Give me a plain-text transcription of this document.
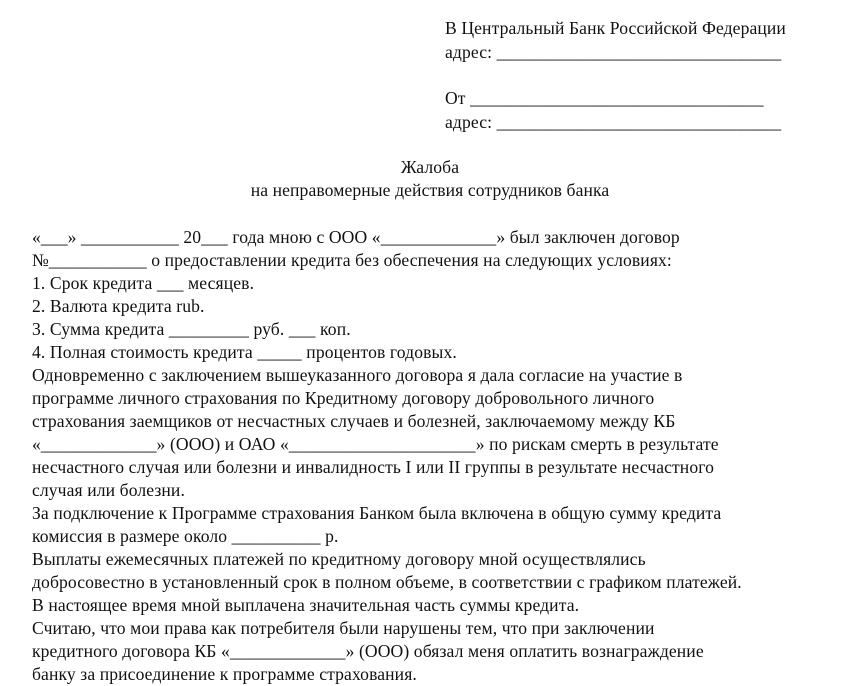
В Центральный Банк Российской Федерации
адрес: ________________________________
От _________________________________
адрес: ________________________________
Жалоба
на неправомерные действия сотрудников банка
«___» ___________ 20___ года мною с ООО «_____________» был заключен договор
№___________ о предоставлении кредита без обеспечения на следующих условиях:
1. Срок кредита ___ месяцев.
2. Валюта кредита rub.
3. Сумма кредита _________ руб. ___ коп.
4. Полная стоимость кредита _____ процентов годовых.
Одновременно с заключением вышеуказанного договора я дала согласие на участие в
программе личного страхования по Кредитному договору добровольного личного
страхования заемщиков от несчастных случаев и болезней, заключаемому между КБ
«_____________» (ООО) и ОАО «_____________________» по рискам смерть в результате
несчастного случая или болезни и инвалидность I или II группы в результате несчастного
случая или болезни.
За подключение к Программе страхования Банком была включена в общую сумму кредита
комиссия в размере около __________ р.
Выплаты ежемесячных платежей по кредитному договору мной осуществлялись
добросовестно в установленный срок в полном объеме, в соответствии с графиком платежей.
В настоящее время мной выплачена значительная часть суммы кредита.
Считаю, что мои права как потребителя были нарушены тем, что при заключении
кредитного договора КБ «_____________» (ООО) обязал меня оплатить вознаграждение
банку за присоединение к программе страхования.
